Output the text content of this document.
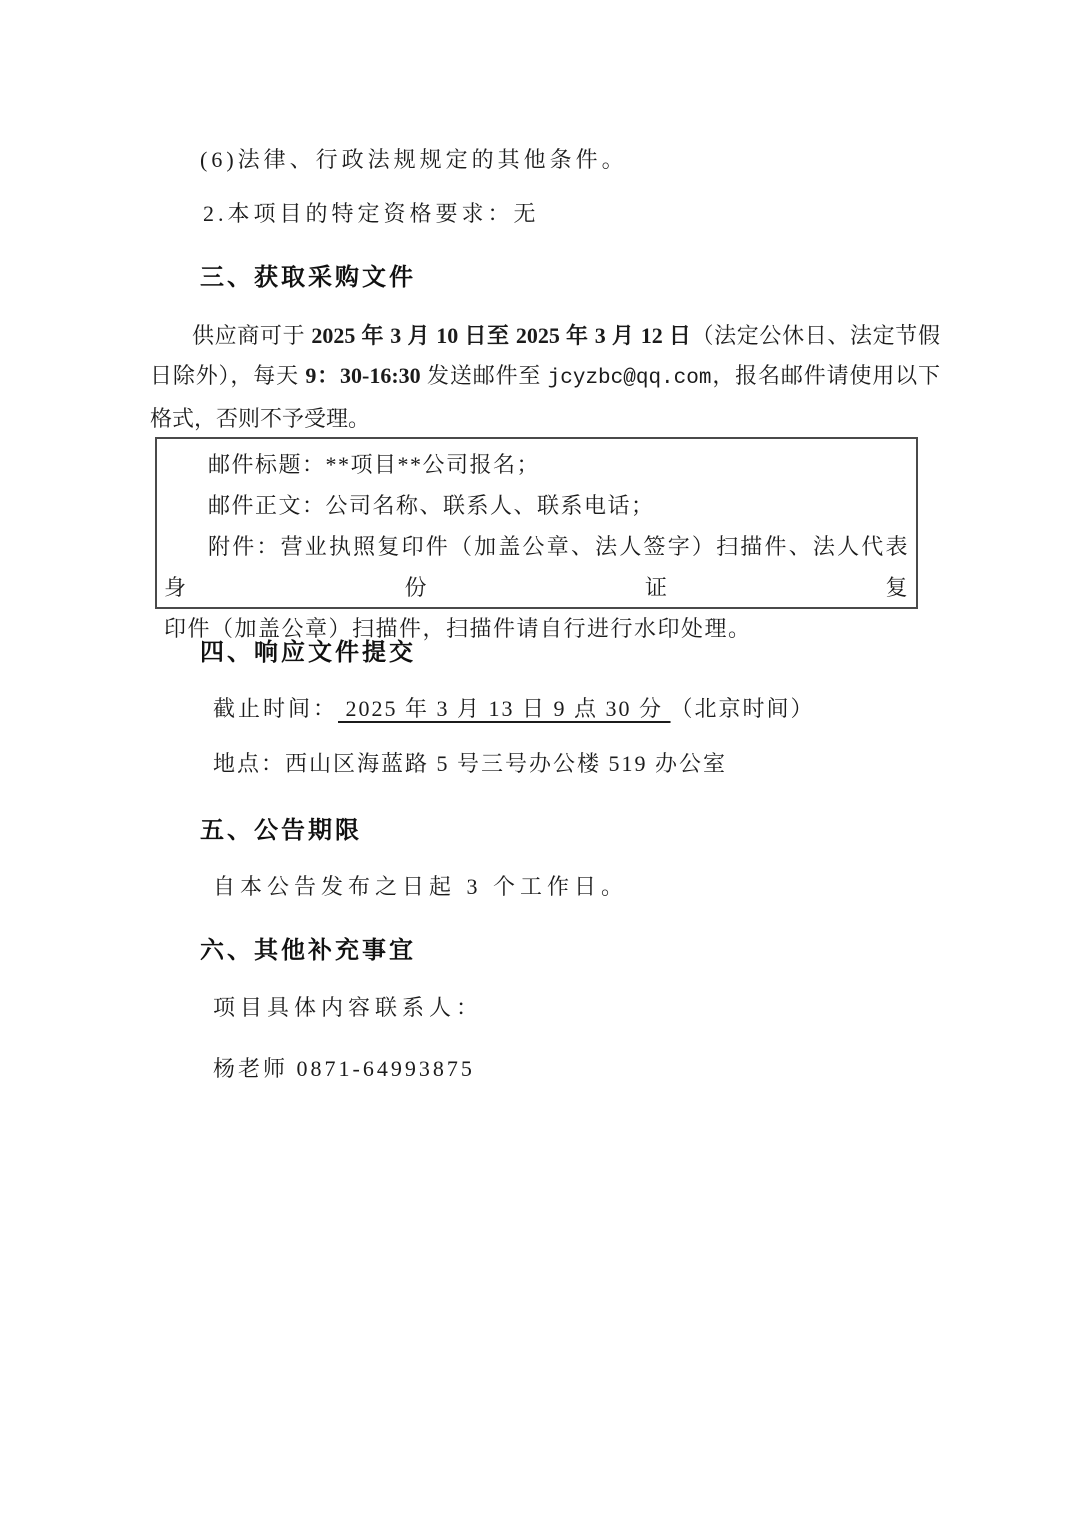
(6)法律、行政法规规定的其他条件。
2.本项目的特定资格要求：无
三、获取采购文件
供应商可于 2025 年 3 月 10 日至 2025 年 3 月 12 日（法定公休日、法定节假
日除外），每天 9：30-16:30 发送邮件至 jcyzbc@qq.com，报名邮件请使用以下
格式，否则不予受理。
邮件标题：**项目**公司报名；
邮件正文：公司名称、联系人、联系电话；
附件：营业执照复印件（加盖公章、法人签字）扫描件、法人代表身份证复
印件（加盖公章）扫描件，扫描件请自行进行水印处理。
四、响应文件提交
截止时间： 2025 年 3 月 13 日 9 点 30 分 （北京时间）
地点：西山区海蓝路 5 号三号办公楼 519 办公室
五、公告期限
自本公告发布之日起 3 个工作日。
六、其他补充事宜
项目具体内容联系人：
杨老师 0871-64993875
